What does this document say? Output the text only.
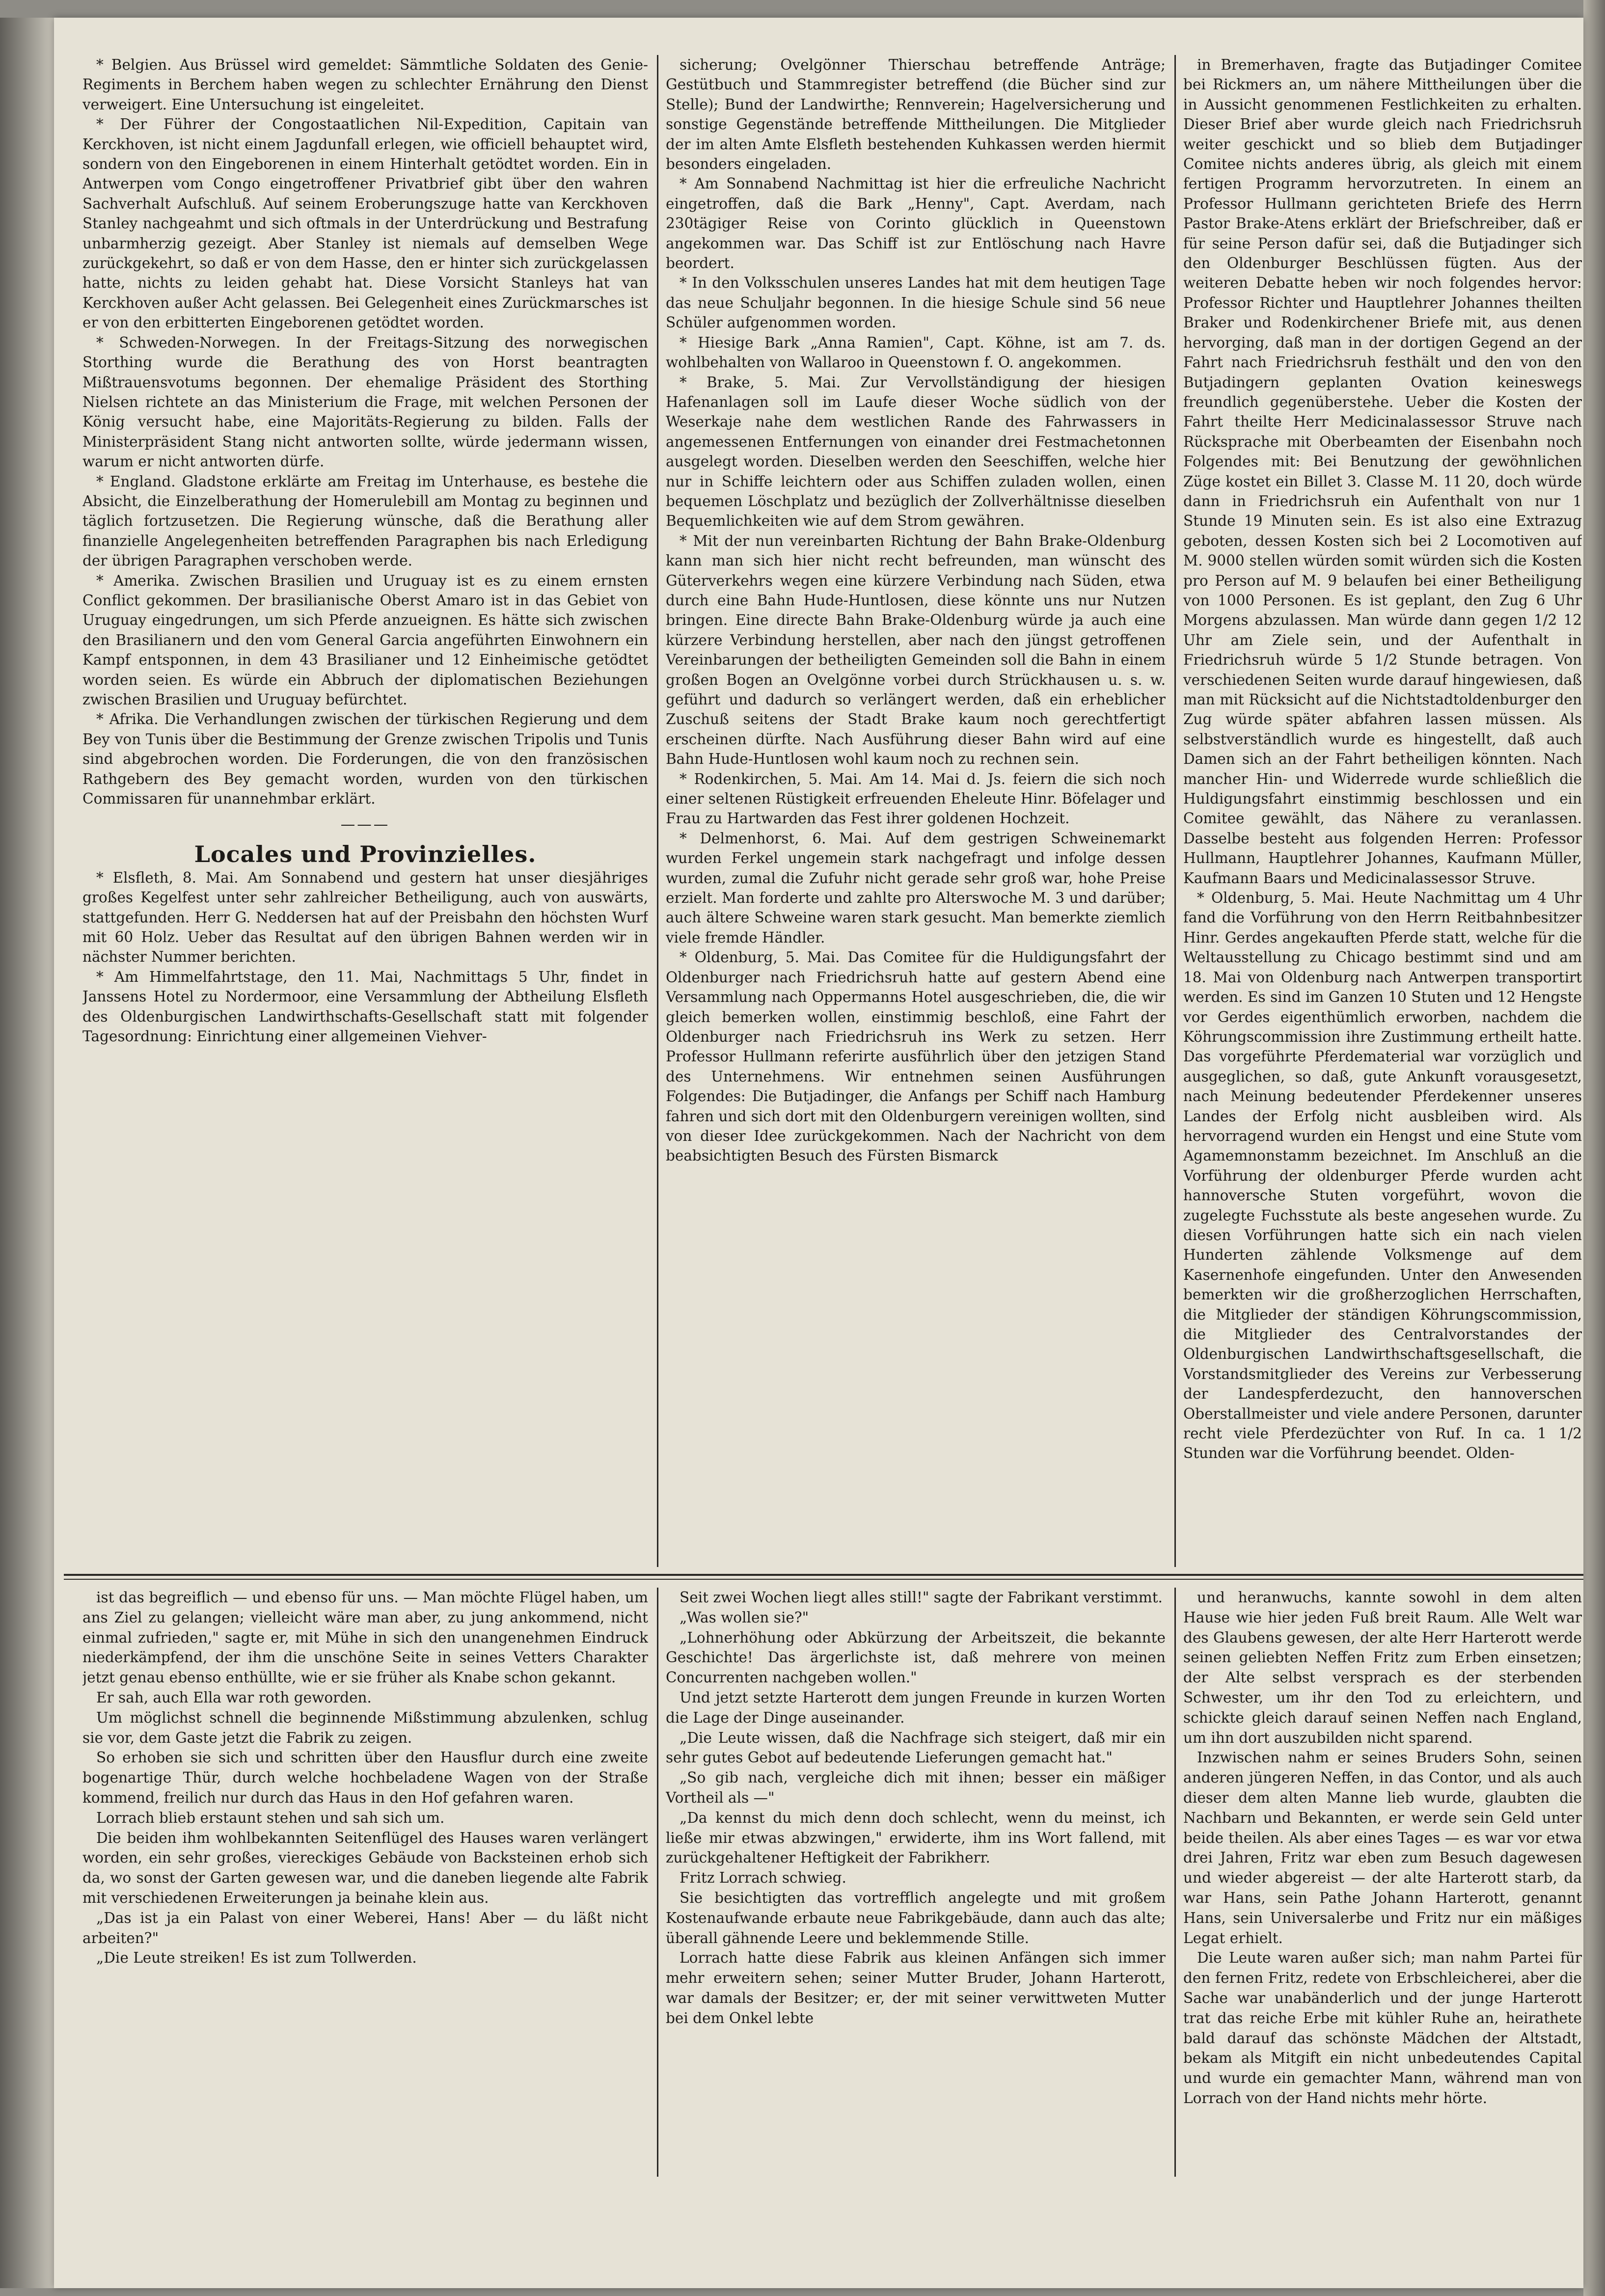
* Belgien. Aus Brüssel wird gemeldet: Sämmtliche Soldaten des Genie-Regiments in Berchem haben wegen zu schlechter Ernährung den Dienst verweigert. Eine Untersuchung ist eingeleitet.

* Der Führer der Congostaatlichen Nil-Expedition, Capitain van Kerckhoven, ist nicht einem Jagdunfall erlegen, wie officiell behauptet wird, sondern von den Eingeborenen in einem Hinterhalt getödtet worden. Ein in Antwerpen vom Congo eingetroffener Privatbrief gibt über den wahren Sachverhalt Aufschluß. Auf seinem Eroberungszuge hatte van Kerckhoven Stanley nachgeahmt und sich oftmals in der Unterdrückung und Bestrafung unbarmherzig gezeigt. Aber Stanley ist niemals auf demselben Wege zurückgekehrt, so daß er von dem Hasse, den er hinter sich zurückgelassen hatte, nichts zu leiden gehabt hat. Diese Vorsicht Stanleys hat van Kerckhoven außer Acht gelassen. Bei Gelegenheit eines Zurückmarsches ist er von den erbitterten Eingeborenen getödtet worden.

* Schweden-Norwegen. In der Freitags-Sitzung des norwegischen Storthing wurde die Berathung des von Horst beantragten Mißtrauensvotums begonnen. Der ehemalige Präsident des Storthing Nielsen richtete an das Ministerium die Frage, mit welchen Personen der König versucht habe, eine Majoritäts-Regierung zu bilden. Falls der Ministerpräsident Stang nicht antworten sollte, würde jedermann wissen, warum er nicht antworten dürfe.

* England. Gladstone erklärte am Freitag im Unterhause, es bestehe die Absicht, die Einzelberathung der Homerulebill am Montag zu beginnen und täglich fortzusetzen. Die Regierung wünsche, daß die Berathung aller finanzielle Angelegenheiten betreffenden Paragraphen bis nach Erledigung der übrigen Paragraphen verschoben werde.

* Amerika. Zwischen Brasilien und Uruguay ist es zu einem ernsten Conflict gekommen. Der brasilianische Oberst Amaro ist in das Gebiet von Uruguay eingedrungen, um sich Pferde anzueignen. Es hätte sich zwischen den Brasilianern und den vom General Garcia angeführten Einwohnern ein Kampf entsponnen, in dem 43 Brasilianer und 12 Einheimische getödtet worden seien. Es würde ein Abbruch der diplomatischen Beziehungen zwischen Brasilien und Uruguay befürchtet.

* Afrika. Die Verhandlungen zwischen der türkischen Regierung und dem Bey von Tunis über die Bestimmung der Grenze zwischen Tripolis und Tunis sind abgebrochen worden. Die Forderungen, die von den französischen Rathgebern des Bey gemacht worden, wurden von den türkischen Commissaren für unannehmbar erklärt.

———

Locales und Provinzielles.

* Elsfleth, 8. Mai. Am Sonnabend und gestern hat unser diesjähriges großes Kegelfest unter sehr zahlreicher Betheiligung, auch von auswärts, stattgefunden. Herr G. Neddersen hat auf der Preisbahn den höchsten Wurf mit 60 Holz. Ueber das Resultat auf den übrigen Bahnen werden wir in nächster Nummer berichten.

* Am Himmelfahrtstage, den 11. Mai, Nachmittags 5 Uhr, findet in Janssens Hotel zu Nordermoor, eine Versammlung der Abtheilung Elsfleth des Oldenburgischen Landwirthschafts-Gesellschaft statt mit folgender Tagesordnung: Einrichtung einer allgemeinen Viehver-

sicherung; Ovelgönner Thierschau betreffende Anträge; Gestütbuch und Stammregister betreffend (die Bücher sind zur Stelle); Bund der Landwirthe; Rennverein; Hagelversicherung und sonstige Gegenstände betreffende Mittheilungen. Die Mitglieder der im alten Amte Elsfleth bestehenden Kuhkassen werden hiermit besonders eingeladen.

* Am Sonnabend Nachmittag ist hier die erfreuliche Nachricht eingetroffen, daß die Bark „Henny", Capt. Averdam, nach 230tägiger Reise von Corinto glücklich in Queenstown angekommen war. Das Schiff ist zur Entlöschung nach Havre beordert.

* In den Volksschulen unseres Landes hat mit dem heutigen Tage das neue Schuljahr begonnen. In die hiesige Schule sind 56 neue Schüler aufgenommen worden.

* Hiesige Bark „Anna Ramien", Capt. Köhne, ist am 7. ds. wohlbehalten von Wallaroo in Queenstown f. O. angekommen.

* Brake, 5. Mai. Zur Vervollständigung der hiesigen Hafenanlagen soll im Laufe dieser Woche südlich von der Weserkaje nahe dem westlichen Rande des Fahrwassers in angemessenen Entfernungen von einander drei Festmachetonnen ausgelegt worden. Dieselben werden den Seeschiffen, welche hier nur in Schiffe leichtern oder aus Schiffen zuladen wollen, einen bequemen Löschplatz und bezüglich der Zollverhältnisse dieselben Bequemlichkeiten wie auf dem Strom gewähren.

* Mit der nun vereinbarten Richtung der Bahn Brake-Oldenburg kann man sich hier nicht recht befreunden, man wünscht des Güterverkehrs wegen eine kürzere Verbindung nach Süden, etwa durch eine Bahn Hude-Huntlosen, diese könnte uns nur Nutzen bringen. Eine directe Bahn Brake-Oldenburg würde ja auch eine kürzere Verbindung herstellen, aber nach den jüngst getroffenen Vereinbarungen der betheiligten Gemeinden soll die Bahn in einem großen Bogen an Ovelgönne vorbei durch Strückhausen u. s. w. geführt und dadurch so verlängert werden, daß ein erheblicher Zuschuß seitens der Stadt Brake kaum noch gerechtfertigt erscheinen dürfte. Nach Ausführung dieser Bahn wird auf eine Bahn Hude-Huntlosen wohl kaum noch zu rechnen sein.

* Rodenkirchen, 5. Mai. Am 14. Mai d. Js. feiern die sich noch einer seltenen Rüstigkeit erfreuenden Eheleute Hinr. Böfelager und Frau zu Hartwarden das Fest ihrer goldenen Hochzeit.

* Delmenhorst, 6. Mai. Auf dem gestrigen Schweinemarkt wurden Ferkel ungemein stark nachgefragt und infolge dessen wurden, zumal die Zufuhr nicht gerade sehr groß war, hohe Preise erzielt. Man forderte und zahlte pro Alterswoche M. 3 und darüber; auch ältere Schweine waren stark gesucht. Man bemerkte ziemlich viele fremde Händler.

* Oldenburg, 5. Mai. Das Comitee für die Huldigungsfahrt der Oldenburger nach Friedrichsruh hatte auf gestern Abend eine Versammlung nach Oppermanns Hotel ausgeschrieben, die, die wir gleich bemerken wollen, einstimmig beschloß, eine Fahrt der Oldenburger nach Friedrichsruh ins Werk zu setzen. Herr Professor Hullmann referirte ausführlich über den jetzigen Stand des Unternehmens. Wir entnehmen seinen Ausführungen Folgendes: Die Butjadinger, die Anfangs per Schiff nach Hamburg fahren und sich dort mit den Oldenburgern vereinigen wollten, sind von dieser Idee zurückgekommen. Nach der Nachricht von dem beabsichtigten Besuch des Fürsten Bismarck

in Bremerhaven, fragte das Butjadinger Comitee bei Rickmers an, um nähere Mittheilungen über die in Aussicht genommenen Festlichkeiten zu erhalten. Dieser Brief aber wurde gleich nach Friedrichsruh weiter geschickt und so blieb dem Butjadinger Comitee nichts anderes übrig, als gleich mit einem fertigen Programm hervorzutreten. In einem an Professor Hullmann gerichteten Briefe des Herrn Pastor Brake-Atens erklärt der Briefschreiber, daß er für seine Person dafür sei, daß die Butjadinger sich den Oldenburger Beschlüssen fügten. Aus der weiteren Debatte heben wir noch folgendes hervor: Professor Richter und Hauptlehrer Johannes theilten Braker und Rodenkirchener Briefe mit, aus denen hervorging, daß man in der dortigen Gegend an der Fahrt nach Friedrichsruh festhält und den von den Butjadingern geplanten Ovation keineswegs freundlich gegenüberstehe. Ueber die Kosten der Fahrt theilte Herr Medicinalassessor Struve nach Rücksprache mit Oberbeamten der Eisenbahn noch Folgendes mit: Bei Benutzung der gewöhnlichen Züge kostet ein Billet 3. Classe M. 11 20, doch würde dann in Friedrichsruh ein Aufenthalt von nur 1 Stunde 19 Minuten sein. Es ist also eine Extrazug geboten, dessen Kosten sich bei 2 Locomotiven auf M. 9000 stellen würden somit würden sich die Kosten pro Person auf M. 9 belaufen bei einer Betheiligung von 1000 Personen. Es ist geplant, den Zug 6 Uhr Morgens abzulassen. Man würde dann gegen 1/2 12 Uhr am Ziele sein, und der Aufenthalt in Friedrichsruh würde 5 1/2 Stunde betragen. Von verschiedenen Seiten wurde darauf hingewiesen, daß man mit Rücksicht auf die Nichtstadtoldenburger den Zug würde später abfahren lassen müssen. Als selbstverständlich wurde es hingestellt, daß auch Damen sich an der Fahrt betheiligen könnten. Nach mancher Hin- und Widerrede wurde schließlich die Huldigungsfahrt einstimmig beschlossen und ein Comitee gewählt, das Nähere zu veranlassen. Dasselbe besteht aus folgenden Herren: Professor Hullmann, Hauptlehrer Johannes, Kaufmann Müller, Kaufmann Baars und Medicinalassessor Struve.

* Oldenburg, 5. Mai. Heute Nachmittag um 4 Uhr fand die Vorführung von den Herrn Reitbahnbesitzer Hinr. Gerdes angekauften Pferde statt, welche für die Weltausstellung zu Chicago bestimmt sind und am 18. Mai von Oldenburg nach Antwerpen transportirt werden. Es sind im Ganzen 10 Stuten und 12 Hengste vor Gerdes eigenthümlich erworben, nachdem die Köhrungscommission ihre Zustimmung ertheilt hatte. Das vorgeführte Pferdematerial war vorzüglich und ausgeglichen, so daß, gute Ankunft vorausgesetzt, nach Meinung bedeutender Pferdekenner unseres Landes der Erfolg nicht ausbleiben wird. Als hervorragend wurden ein Hengst und eine Stute vom Agamemnonstamm bezeichnet. Im Anschluß an die Vorführung der oldenburger Pferde wurden acht hannoversche Stuten vorgeführt, wovon die zugelegte Fuchsstute als beste angesehen wurde. Zu diesen Vorführungen hatte sich ein nach vielen Hunderten zählende Volksmenge auf dem Kasernenhofe eingefunden. Unter den Anwesenden bemerkten wir die großherzoglichen Herrschaften, die Mitglieder der ständigen Köhrungscommission, die Mitglieder des Centralvorstandes der Oldenburgischen Landwirthschaftsgesellschaft, die Vorstandsmitglieder des Vereins zur Verbesserung der Landespferdezucht, den hannoverschen Oberstallmeister und viele andere Personen, darunter recht viele Pferdezüchter von Ruf. In ca. 1 1/2 Stunden war die Vorführung beendet. Olden-

ist das begreiflich — und ebenso für uns. — Man möchte Flügel haben, um ans Ziel zu gelangen; vielleicht wäre man aber, zu jung ankommend, nicht einmal zufrieden," sagte er, mit Mühe in sich den unangenehmen Eindruck niederkämpfend, der ihm die unschöne Seite in seines Vetters Charakter jetzt genau ebenso enthüllte, wie er sie früher als Knabe schon gekannt.

Er sah, auch Ella war roth geworden.

Um möglichst schnell die beginnende Mißstimmung abzulenken, schlug sie vor, dem Gaste jetzt die Fabrik zu zeigen.

So erhoben sie sich und schritten über den Hausflur durch eine zweite bogenartige Thür, durch welche hochbeladene Wagen von der Straße kommend, freilich nur durch das Haus in den Hof gefahren waren.

Lorrach blieb erstaunt stehen und sah sich um.

Die beiden ihm wohlbekannten Seitenflügel des Hauses waren verlängert worden, ein sehr großes, viereckiges Gebäude von Backsteinen erhob sich da, wo sonst der Garten gewesen war, und die daneben liegende alte Fabrik mit verschiedenen Erweiterungen ja beinahe klein aus.

„Das ist ja ein Palast von einer Weberei, Hans! Aber — du läßt nicht arbeiten?"

„Die Leute streiken! Es ist zum Tollwerden.

Seit zwei Wochen liegt alles still!" sagte der Fabrikant verstimmt.

„Was wollen sie?"

„Lohnerhöhung oder Abkürzung der Arbeitszeit, die bekannte Geschichte! Das ärgerlichste ist, daß mehrere von meinen Concurrenten nachgeben wollen."

Und jetzt setzte Harterott dem jungen Freunde in kurzen Worten die Lage der Dinge auseinander.

„Die Leute wissen, daß die Nachfrage sich steigert, daß mir ein sehr gutes Gebot auf bedeutende Lieferungen gemacht hat."

„So gib nach, vergleiche dich mit ihnen; besser ein mäßiger Vortheil als —"

„Da kennst du mich denn doch schlecht, wenn du meinst, ich ließe mir etwas abzwingen," erwiderte, ihm ins Wort fallend, mit zurückgehaltener Heftigkeit der Fabrikherr.

Fritz Lorrach schwieg.

Sie besichtigten das vortrefflich angelegte und mit großem Kostenaufwande erbaute neue Fabrikgebäude, dann auch das alte; überall gähnende Leere und beklemmende Stille.

Lorrach hatte diese Fabrik aus kleinen Anfängen sich immer mehr erweitern sehen; seiner Mutter Bruder, Johann Harterott, war damals der Besitzer; er, der mit seiner verwittweten Mutter bei dem Onkel lebte

und heranwuchs, kannte sowohl in dem alten Hause wie hier jeden Fuß breit Raum. Alle Welt war des Glaubens gewesen, der alte Herr Harterott werde seinen geliebten Neffen Fritz zum Erben einsetzen; der Alte selbst versprach es der sterbenden Schwester, um ihr den Tod zu erleichtern, und schickte gleich darauf seinen Neffen nach England, um ihn dort auszubilden nicht sparend.

Inzwischen nahm er seines Bruders Sohn, seinen anderen jüngeren Neffen, in das Contor, und als auch dieser dem alten Manne lieb wurde, glaubten die Nachbarn und Bekannten, er werde sein Geld unter beide theilen. Als aber eines Tages — es war vor etwa drei Jahren, Fritz war eben zum Besuch dagewesen und wieder abgereist — der alte Harterott starb, da war Hans, sein Pathe Johann Harterott, genannt Hans, sein Universalerbe und Fritz nur ein mäßiges Legat erhielt.

Die Leute waren außer sich; man nahm Partei für den fernen Fritz, redete von Erbschleicherei, aber die Sache war unabänderlich und der junge Harterott trat das reiche Erbe mit kühler Ruhe an, heirathete bald darauf das schönste Mädchen der Altstadt, bekam als Mitgift ein nicht unbedeutendes Capital und wurde ein gemachter Mann, während man von Lorrach von der Hand nichts mehr hörte.
